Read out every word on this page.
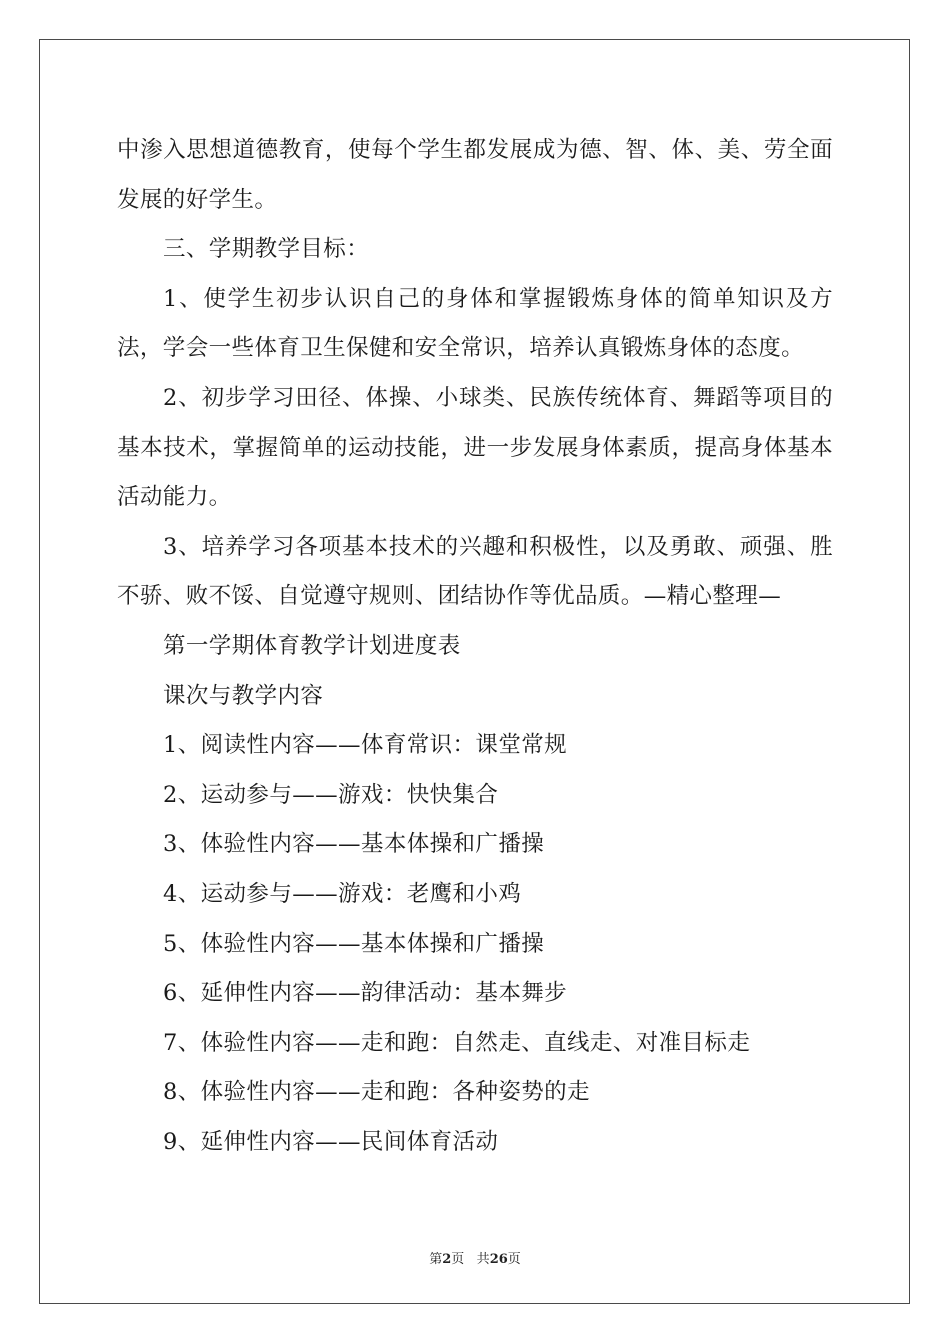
中渗入思想道德教育，使每个学生都发展成为德、智、体、美、劳全面发展的好学生。

三、学期教学目标：

1、使学生初步认识自己的身体和掌握锻炼身体的简单知识及方法，学会一些体育卫生保健和安全常识，培养认真锻炼身体的态度。

2、初步学习田径、体操、小球类、民族传统体育、舞蹈等项目的基本技术，掌握简单的运动技能，进一步发展身体素质，提高身体基本活动能力。

3、培养学习各项基本技术的兴趣和积极性，以及勇敢、顽强、胜不骄、败不馁、自觉遵守规则、团结协作等优品质。—精心整理—

第一学期体育教学计划进度表

课次与教学内容

1、阅读性内容——体育常识：课堂常规

2、运动参与——游戏：快快集合

3、体验性内容——基本体操和广播操

4、运动参与——游戏：老鹰和小鸡

5、体验性内容——基本体操和广播操

6、延伸性内容——韵律活动：基本舞步

7、体验性内容——走和跑：自然走、直线走、对准目标走

8、体验性内容——走和跑：各种姿势的走

9、延伸性内容——民间体育活动

第2页 共26页
